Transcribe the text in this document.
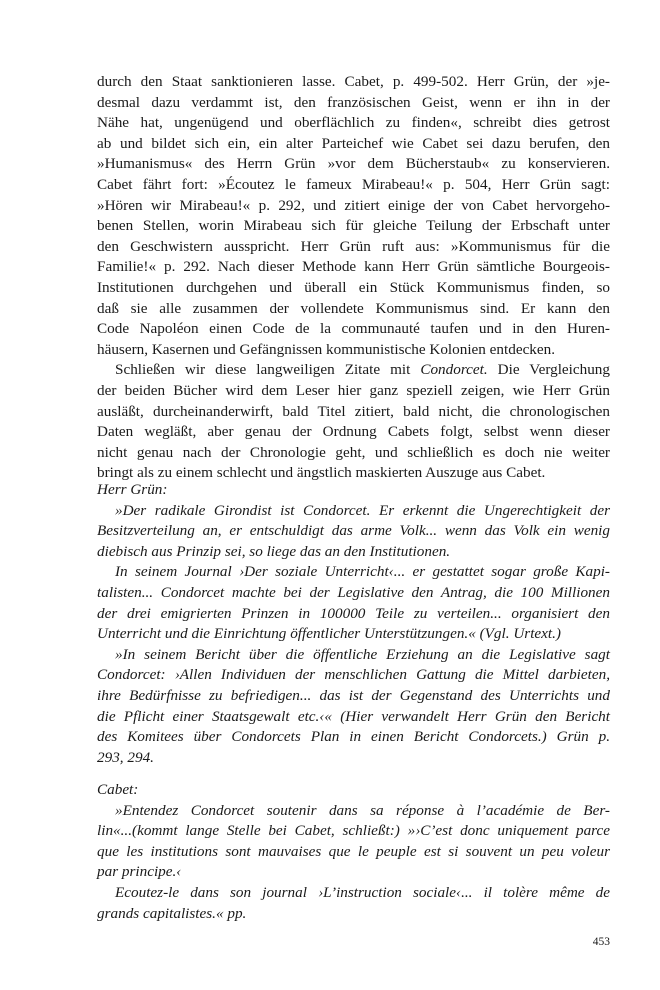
durch den Staat sanktionieren lasse. Cabet, p. 499-502. Herr Grün, der »je-
desmal dazu verdammt ist, den französischen Geist, wenn er ihn in der
Nähe hat, ungenügend und oberflächlich zu finden«, schreibt dies getrost
ab und bildet sich ein, ein alter Parteichef wie Cabet sei dazu berufen, den
»Humanismus« des Herrn Grün »vor dem Bücherstaub« zu konservieren.
Cabet fährt fort: »Écoutez le fameux Mirabeau!« p. 504, Herr Grün sagt:
»Hören wir Mirabeau!« p. 292, und zitiert einige der von Cabet hervorgeho-
benen Stellen, worin Mirabeau sich für gleiche Teilung der Erbschaft unter
den Geschwistern ausspricht. Herr Grün ruft aus: »Kommunismus für die
Familie!« p. 292. Nach dieser Methode kann Herr Grün sämtliche Bourgeois-
Institutionen durchgehen und überall ein Stück Kommunismus finden, so
daß sie alle zusammen der vollendete Kommunismus sind. Er kann den
Code Napoléon einen Code de la communauté taufen und in den Huren-
häusern, Kasernen und Gefängnissen kommunistische Kolonien entdecken.
Schließen wir diese langweiligen Zitate mit Condorcet. Die Vergleichung
der beiden Bücher wird dem Leser hier ganz speziell zeigen, wie Herr Grün
ausläßt, durcheinanderwirft, bald Titel zitiert, bald nicht, die chronologischen
Daten wegläßt, aber genau der Ordnung Cabets folgt, selbst wenn dieser
nicht genau nach der Chronologie geht, und schließlich es doch nie weiter
bringt als zu einem schlecht und ängstlich maskierten Auszuge aus Cabet.
Herr Grün:
»Der radikale Girondist ist Condorcet. Er erkennt die Ungerechtigkeit der
Besitzverteilung an, er entschuldigt das arme Volk... wenn das Volk ein wenig
diebisch aus Prinzip sei, so liege das an den Institutionen.
In seinem Journal ›Der soziale Unterricht‹... er gestattet sogar große Kapi-
talisten... Condorcet machte bei der Legislative den Antrag, die 100 Millionen
der drei emigrierten Prinzen in 100000 Teile zu verteilen... organisiert den
Unterricht und die Einrichtung öffentlicher Unterstützungen.« (Vgl. Urtext.)
»In seinem Bericht über die öffentliche Erziehung an die Legislative sagt
Condorcet: ›Allen Individuen der menschlichen Gattung die Mittel darbieten,
ihre Bedürfnisse zu befriedigen... das ist der Gegenstand des Unterrichts und
die Pflicht einer Staatsgewalt etc.‹« (Hier verwandelt Herr Grün den Bericht
des Komitees über Condorcets Plan in einen Bericht Condorcets.) Grün p.
293, 294.
Cabet:
»Entendez Condorcet soutenir dans sa réponse à l’académie de Ber-
lin«...(kommt lange Stelle bei Cabet, schließt:) »›C’est donc uniquement parce
que les institutions sont mauvaises que le peuple est si souvent un peu voleur
par principe.‹
Ecoutez-le dans son journal ›L’instruction sociale‹... il tolère même de
grands capitalistes.« pp.
453
